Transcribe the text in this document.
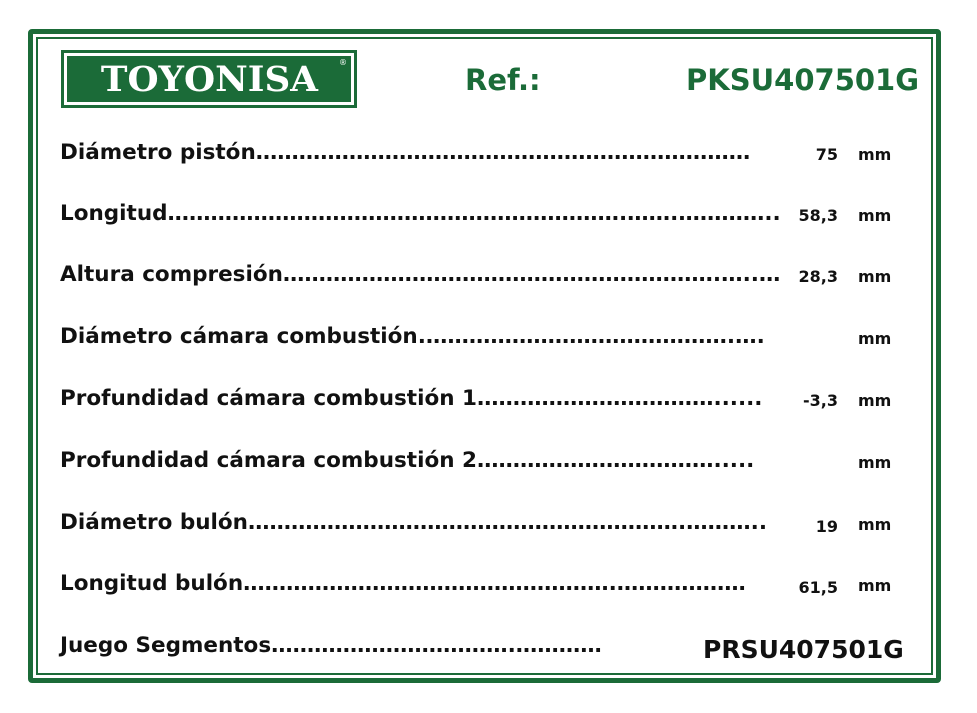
TOYONISA	®
Ref.:	PKSU407501G
Diámetro pistón……………………………………………………………	75 mm
Longitud……………………………………………………….…….………….. 58,3 mm
Altura compresión…………………………………………………….…..… 28,3 mm
Diámetro cámara combustión.…………………………………….….	mm
Profundidad cámara combustión 1……………………………......	-3,3 mm
Profundidad cámara combustión 2…………………………….....	mm
Diámetro bulón…………………………………………………….………..	19 mm
Longitud bulón…………………………………………….………………	61,5 mm
Juego Segmentos…………………………….…………	PRSU407501G
